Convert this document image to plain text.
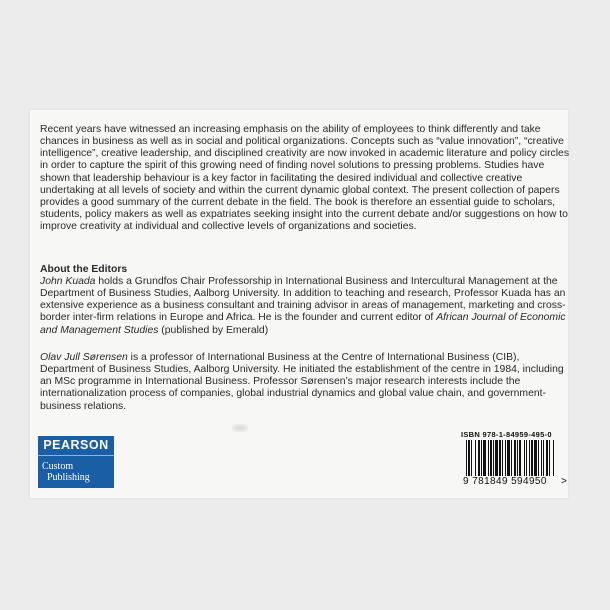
Recent years have witnessed an increasing emphasis on the ability of employees to think differently and take chances in business as well as in social and political organizations. Concepts such as “value innovation”, “creative intelligence”, creative leadership, and disciplined creativity are now invoked in academic literature and policy circles in order to capture the spirit of this growing need of finding novel solutions to pressing problems. Studies have shown that leadership behaviour is a key factor in facilitating the desired individual and collective creative undertaking at all levels of society and within the current dynamic global context. The present collection of papers provides a good summary of the current debate in the field. The book is therefore an essential guide to scholars, students, policy makers as well as expatriates seeking insight into the current debate and/or suggestions on how to improve creativity at individual and collective levels of organizations and societies.
About the Editors
John Kuada holds a Grundfos Chair Professorship in International Business and Intercultural Management at the Department of Business Studies, Aalborg University. In addition to teaching and research, Professor Kuada has an extensive experience as a business consultant and training advisor in areas of management, marketing and cross-border inter-firm relations in Europe and Africa. He is the founder and current editor of African Journal of Economic and Management Studies (published by Emerald)
Olav Jull Sørensen is a professor of International Business at the Centre of International Business (CIB), Department of Business Studies, Aalborg University. He initiated the establishment of the centre in 1984, including an MSc programme in International Business. Professor Sørensen’s major research interests include the internationalization process of companies, global industrial dynamics and global value chain, and government-business relations.
PEARSON
Custom
Publishing
ISBN 978-1-84959-495-0
9 781849 594950 >
